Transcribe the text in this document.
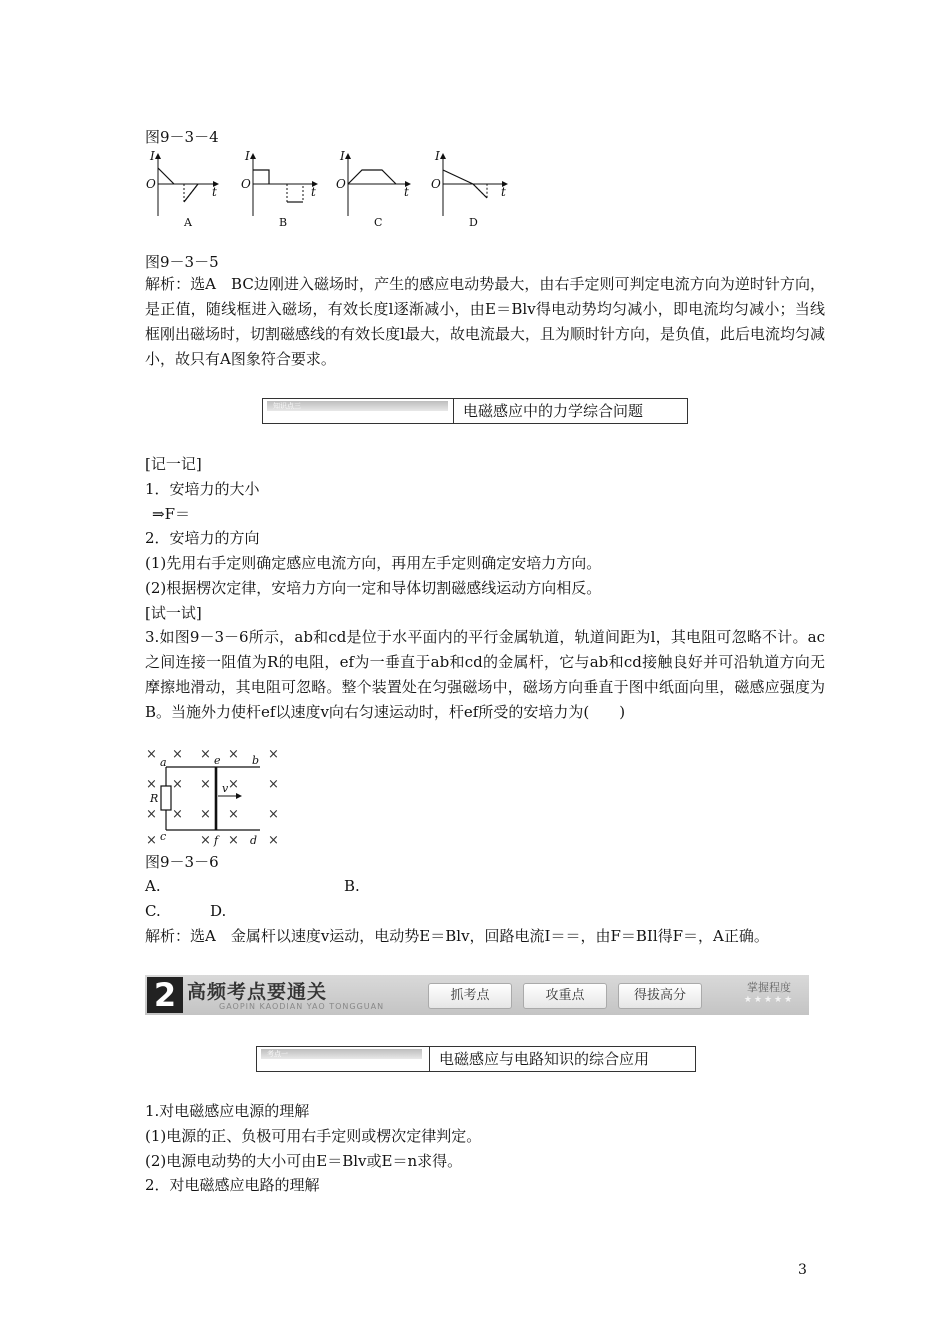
图9－3－4
I
O
t
A
I
O
t
B
I
O
t
C
I
O
t
D
图9－3－5
解析：选A　BC边刚进入磁场时，产生的感应电动势最大，由右手定则可判定电流方向为逆时针方向，是正值，随线框进入磁场，有效长度l逐渐减小，由E＝Blv得电动势均匀减小，即电流均匀减小；当线框刚出磁场时，切割磁感线的有效长度l最大，故电流最大，且为顺时针方向，是负值，此后电流均匀减小，故只有A图象符合要求。
知识点三	电磁感应中的力学综合问题
[记一记]
1．安培力的大小
⇒F＝
2．安培力的方向
(1)先用右手定则确定感应电流方向，再用左手定则确定安培力方向。
(2)根据楞次定律，安培力方向一定和导体切割磁感线运动方向相反。
[试一试]
3.如图9－3－6所示，ab和cd是位于水平面内的平行金属轨道，轨道间距为l，其电阻可忽略不计。ac之间连接一阻值为R的电阻，ef为一垂直于ab和cd的金属杆，它与ab和cd接触良好并可沿轨道方向无摩擦地滑动，其电阻可忽略。整个装置处在匀强磁场中，磁场方向垂直于图中纸面向里，磁感应强度为B。当施外力使杆ef以速度v向右匀速运动时，杆ef所受的安培力为(　　)
× × × × ×
× × × × ×
× × × × ×
×	× × ×
a	e	b
R
v
c	f	d
图9－3－6
A.	B.
C.	D.
解析：选A　金属杆以速度v运动，电动势E＝Blv，回路电流I＝＝，由F＝BIl得F＝，A正确。
2 高频考点要通关
GAOPIN KAODIAN YAO TONGGUAN
抓考点	攻重点	得拔高分
掌握程度
★★★★★
考点一	电磁感应与电路知识的综合应用
1.对电磁感应电源的理解
(1)电源的正、负极可用右手定则或楞次定律判定。
(2)电源电动势的大小可由E＝Blv或E＝n求得。
2．对电磁感应电路的理解
3
